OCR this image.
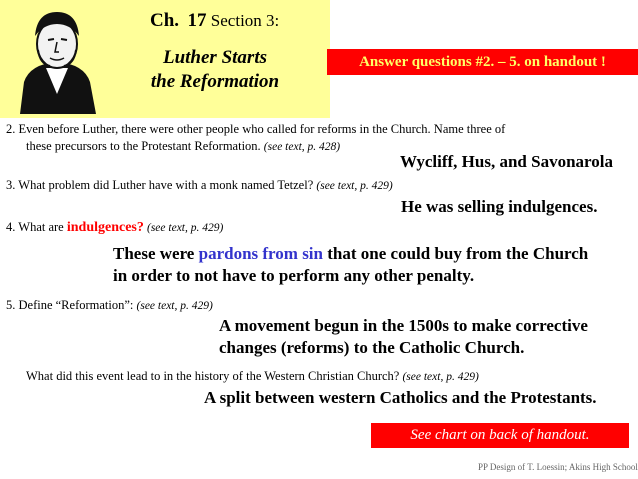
Ch. 17 Section 3:
Luther Starts
the Reformation
Answer questions #2. – 5. on handout !
2. Even before Luther, there were other people who called for reforms in the Church. Name three of
these precursors to the Protestant Reformation. (see text, p. 428)
Wycliff, Hus, and Savonarola
3. What problem did Luther have with a monk named Tetzel? (see text, p. 429)
He was selling indulgences.
4. What are indulgences? (see text, p. 429)
These were pardons from sin that one could buy from the Church
in order to not have to perform any other penalty.
5. Define “Reformation”: (see text, p. 429)
A movement begun in the 1500s to make corrective
changes (reforms) to the Catholic Church.
What did this event lead to in the history of the Western Christian Church? (see text, p. 429)
A split between western Catholics and the Protestants.
See chart on back of handout.
PP Design of T. Loessin; Akins High School
